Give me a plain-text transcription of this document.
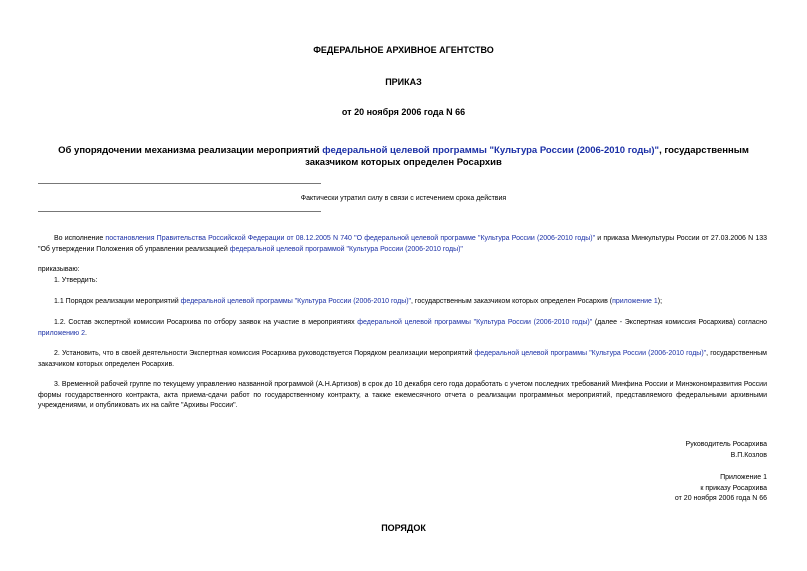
ФЕДЕРАЛЬНОЕ АРХИВНОЕ АГЕНТСТВО
ПРИКАЗ
от 20 ноября 2006 года N 66
Об упорядочении механизма реализации мероприятий федеральной целевой программы "Культура России (2006-2010 годы)", государственным заказчиком которых определен Росархив
Фактически утратил силу в связи с истечением срока действия
Во исполнение постановления Правительства Российской Федерации от 08.12.2005 N 740 "О федеральной целевой программе "Культура России (2006-2010 годы)" и приказа Минкультуры России от 27.03.2006 N 133 "Об утверждении Положения об управлении реализацией федеральной целевой программой "Культура России (2006-2010 годы)"
приказываю:
1. Утвердить:
1.1 Порядок реализации мероприятий федеральной целевой программы "Культура России (2006-2010 годы)", государственным заказчиком которых определен Росархив (приложение 1);
1.2. Состав экспертной комиссии Росархива по отбору заявок на участие в мероприятиях федеральной целевой программы "Культура России (2006-2010 годы)" (далее - Экспертная комиссия Росархива) согласно приложению 2.
2. Установить, что в своей деятельности Экспертная комиссия Росархива руководствуется Порядком реализации мероприятий федеральной целевой программы "Культура России (2006-2010 годы)", государственным заказчиком которых определен Росархив.
3. Временной рабочей группе по текущему управлению названной программой (А.Н.Артизов) в срок до 10 декабря сего года доработать с учетом последних требований Минфина России и Минэкономразвития России формы государственного контракта, акта приема-сдачи работ по государственному контракту, а также ежемесячного отчета о реализации программных мероприятий, представляемого федеральными архивными учреждениями, и опубликовать их на сайте "Архивы России".
Руководитель Росархива
В.П.Козлов
Приложение 1
к приказу Росархива
от 20 ноября 2006 года N 66
ПОРЯДОК
